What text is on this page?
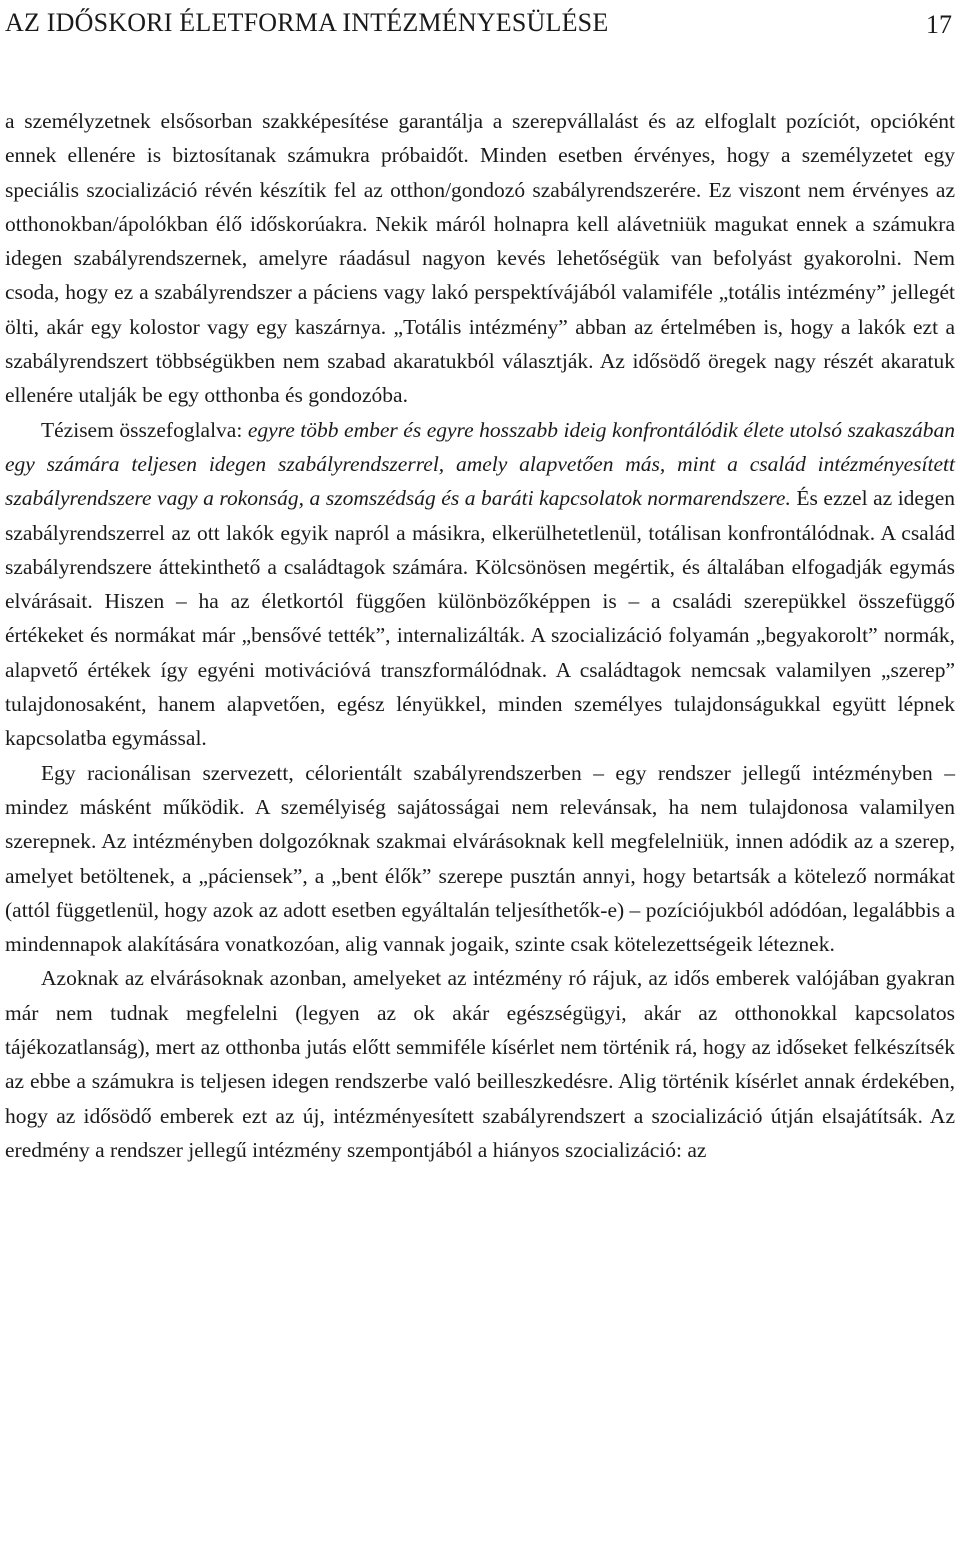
AZ IDŐSKORI ÉLETFORMA INTÉZMÉNYESÜLÉSE	17

a személyzetnek elsősorban szakképesítése garantálja a szerepvállalást és az elfoglalt pozíciót, opcióként ennek ellenére is biztosítanak számukra próbaidőt. Minden esetben érvényes, hogy a személyzetet egy speciális szocializáció révén készítik fel az otthon/gondozó szabályrendszerére. Ez viszont nem érvényes az otthonokban/ápolókban élő időskorúakra. Nekik máról holnapra kell alávetniük magukat ennek a számukra idegen szabályrendszernek, amelyre ráadásul nagyon kevés lehetőségük van befolyást gyakorolni. Nem csoda, hogy ez a szabályrendszer a páciens vagy lakó perspektívájából valamiféle „totális intézmény” jellegét ölti, akár egy kolostor vagy egy kaszárnya. „Totális intézmény” abban az értelmében is, hogy a lakók ezt a szabályrendszert többségükben nem szabad akaratukból választják. Az idősödő öregek nagy részét akaratuk ellenére utalják be egy otthonba és gondozóba.

Tézisem összefoglalva: egyre több ember és egyre hosszabb ideig konfrontálódik élete utolsó szakaszában egy számára teljesen idegen szabályrendszerrel, amely alapvetően más, mint a család intézményesített szabályrendszere vagy a rokonság, a szomszédság és a baráti kapcsolatok normarendszere. És ezzel az idegen szabályrendszerrel az ott lakók egyik napról a másikra, elkerülhetetlenül, totálisan konfrontálódnak. A család szabályrendszere áttekinthető a családtagok számára. Kölcsönösen megértik, és általában elfogadják egymás elvárásait. Hiszen – ha az életkortól függően különbözőképpen is – a családi szerepükkel összefüggő értékeket és normákat már „bensővé tették”, internalizálták. A szocializáció folyamán „begyakorolt” normák, alapvető értékek így egyéni motivációvá transzformálódnak. A családtagok nemcsak valamilyen „szerep” tulajdonosaként, hanem alapvetően, egész lényükkel, minden személyes tulajdonságukkal együtt lépnek kapcsolatba egymással.

Egy racionálisan szervezett, célorientált szabályrendszerben – egy rendszer jellegű intézményben – mindez másként működik. A személyiség sajátosságai nem relevánsak, ha nem tulajdonosa valamilyen szerepnek. Az intézményben dolgozóknak szakmai elvárásoknak kell megfelelniük, innen adódik az a szerep, amelyet betöltenek, a „páciensek”, a „bent élők” szerepe pusztán annyi, hogy betartsák a kötelező normákat (attól függetlenül, hogy azok az adott esetben egyáltalán teljesíthetők-e) – pozíciójukból adódóan, legalábbis a mindennapok alakítására vonatkozóan, alig vannak jogaik, szinte csak kötelezettségeik léteznek.

Azoknak az elvárásoknak azonban, amelyeket az intézmény ró rájuk, az idős emberek valójában gyakran már nem tudnak megfelelni (legyen az ok akár egészségügyi, akár az otthonokkal kapcsolatos tájékozatlanság), mert az otthonba jutás előtt semmiféle kísérlet nem történik rá, hogy az időseket felkészítsék az ebbe a számukra is teljesen idegen rendszerbe való beilleszkedésre. Alig történik kísérlet annak érdekében, hogy az idősödő emberek ezt az új, intézményesített szabályrendszert a szocializáció útján elsajátítsák. Az eredmény a rendszer jellegű intézmény szempontjából a hiányos szocializáció: az
